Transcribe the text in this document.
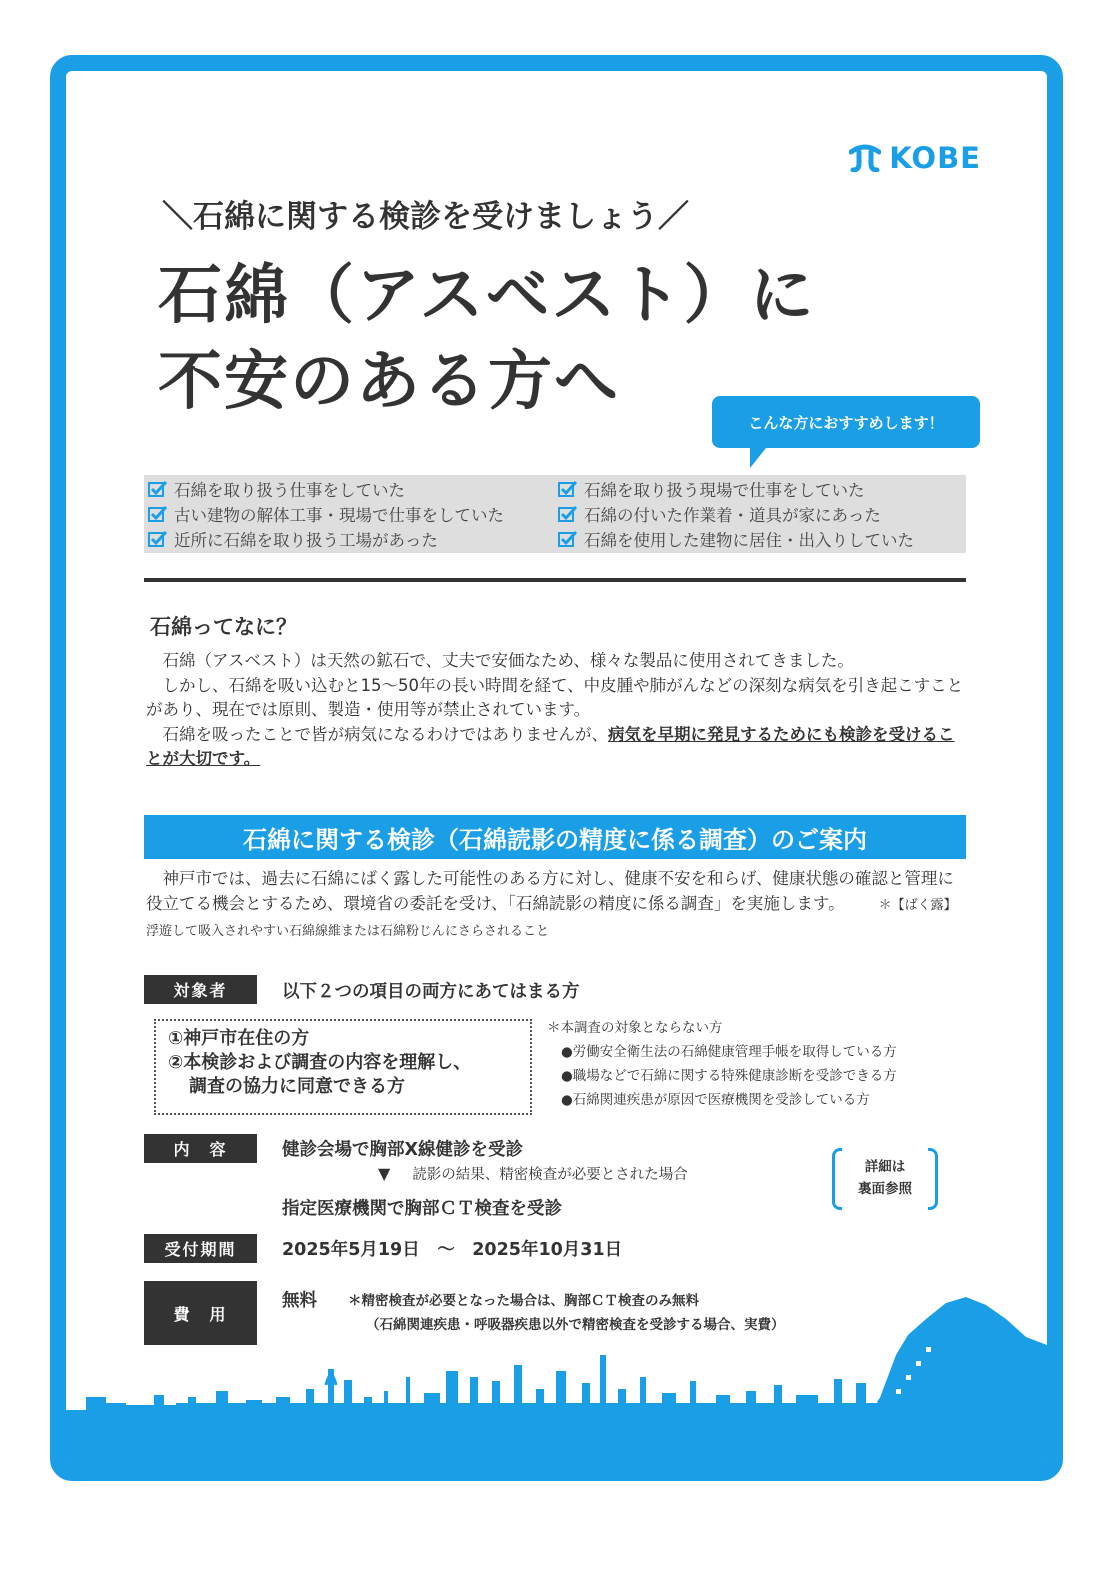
KOBE
＼石綿に関する検診を受けましょう／
石綿（アスベスト）に
不安のある方へ
こんな方におすすめします！
石綿を取り扱う仕事をしていた	石綿を取り扱う現場で仕事をしていた
古い建物の解体工事・現場で仕事をしていた	石綿の付いた作業着・道具が家にあった
近所に石綿を取り扱う工場があった	石綿を使用した建物に居住・出入りしていた
石綿ってなに？

石綿（アスベスト）は天然の鉱石で、丈夫で安価なため、様々な製品に使用されてきました。

しかし、石綿を吸い込むと15〜50年の長い時間を経て、中皮腫や肺がんなどの深刻な病気を引き起こすことがあり、現在では原則、製造・使用等が禁止されています。

石綿を吸ったことで皆が病気になるわけではありませんが、病気を早期に発見するためにも検診を受けることが大切です。

石綿に関する検診（石綿読影の精度に係る調査）のご案内

神戸市では、過去に石綿にばく露した可能性のある方に対し、健康不安を和らげ、健康状態の確認と管理に役立てる機会とするため、環境省の委託を受け、「石綿読影の精度に係る調査」を実施します。	＊【ばく露】浮遊して吸入されやすい石綿線維または石綿粉じんにさらされること

対象者	以下２つの項目の両方にあてはまる方
①神戸市在住の方
②本検診および調査の内容を理解し、
調査の協力に同意できる方
＊本調査の対象とならない方
●労働安全衛生法の石綿健康管理手帳を取得している方
●職場などで石綿に関する特殊健康診断を受診できる方
●石綿関連疾患が原因で医療機関を受診している方
内　容	健診会場で胸部X線健診を受診
▼ 読影の結果、精密検査が必要とされた場合
指定医療機関で胸部ＣＴ検査を受診
詳細は
裏面参照
受付期間	2025年5月19日　～　2025年10月31日
費　用
無料 ＊精密検査が必要となった場合は、胸部ＣＴ検査のみ無料
（石綿関連疾患・呼吸器疾患以外で精密検査を受診する場合、実費）
